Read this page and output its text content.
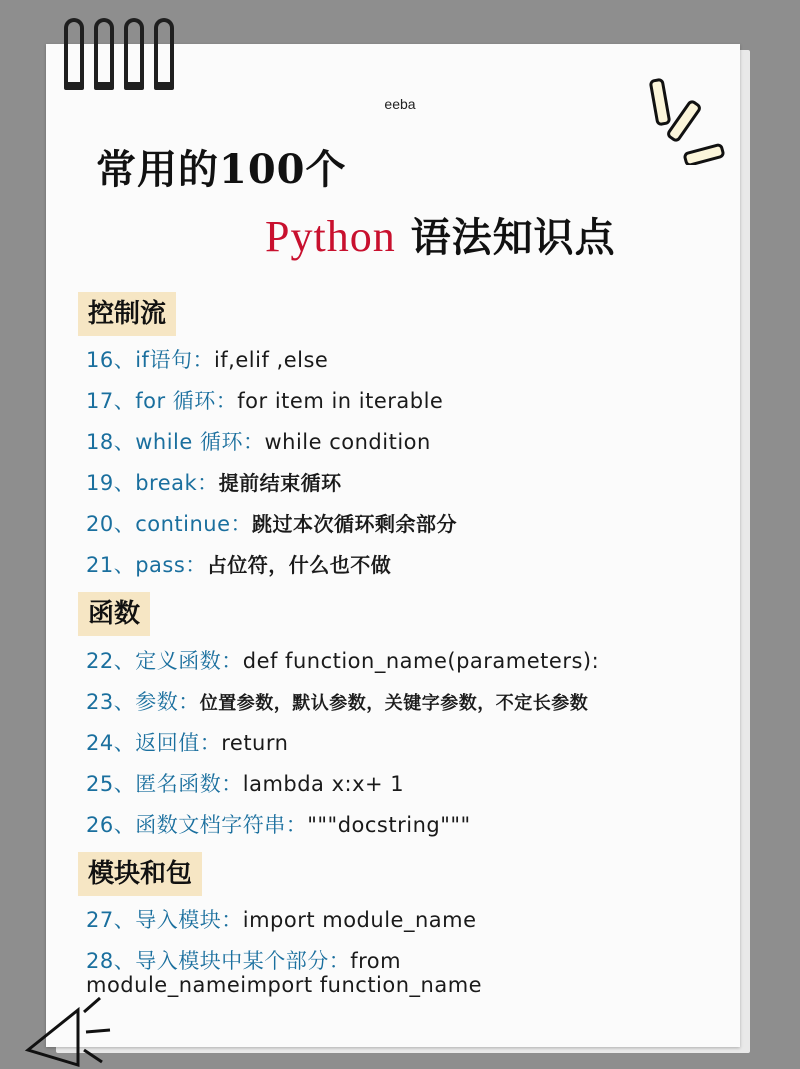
eeba
常用的100个
Python 语法知识点
控制流
16、if语句：if,elif ,else
17、for 循环：for item in iterable
18、while 循环：while condition
19、break：提前结束循环
20、continue：跳过本次循环剩余部分
21、pass：占位符，什么也不做
函数
22、定义函数：def function_name(parameters):
23、参数：位置参数，默认参数，关键字参数，不定长参数
24、返回值：return
25、匿名函数：lambda x:x+ 1
26、函数文档字符串："""docstring"""
模块和包
27、导入模块：import module_name
28、导入模块中某个部分：from
module_nameimport function_name
